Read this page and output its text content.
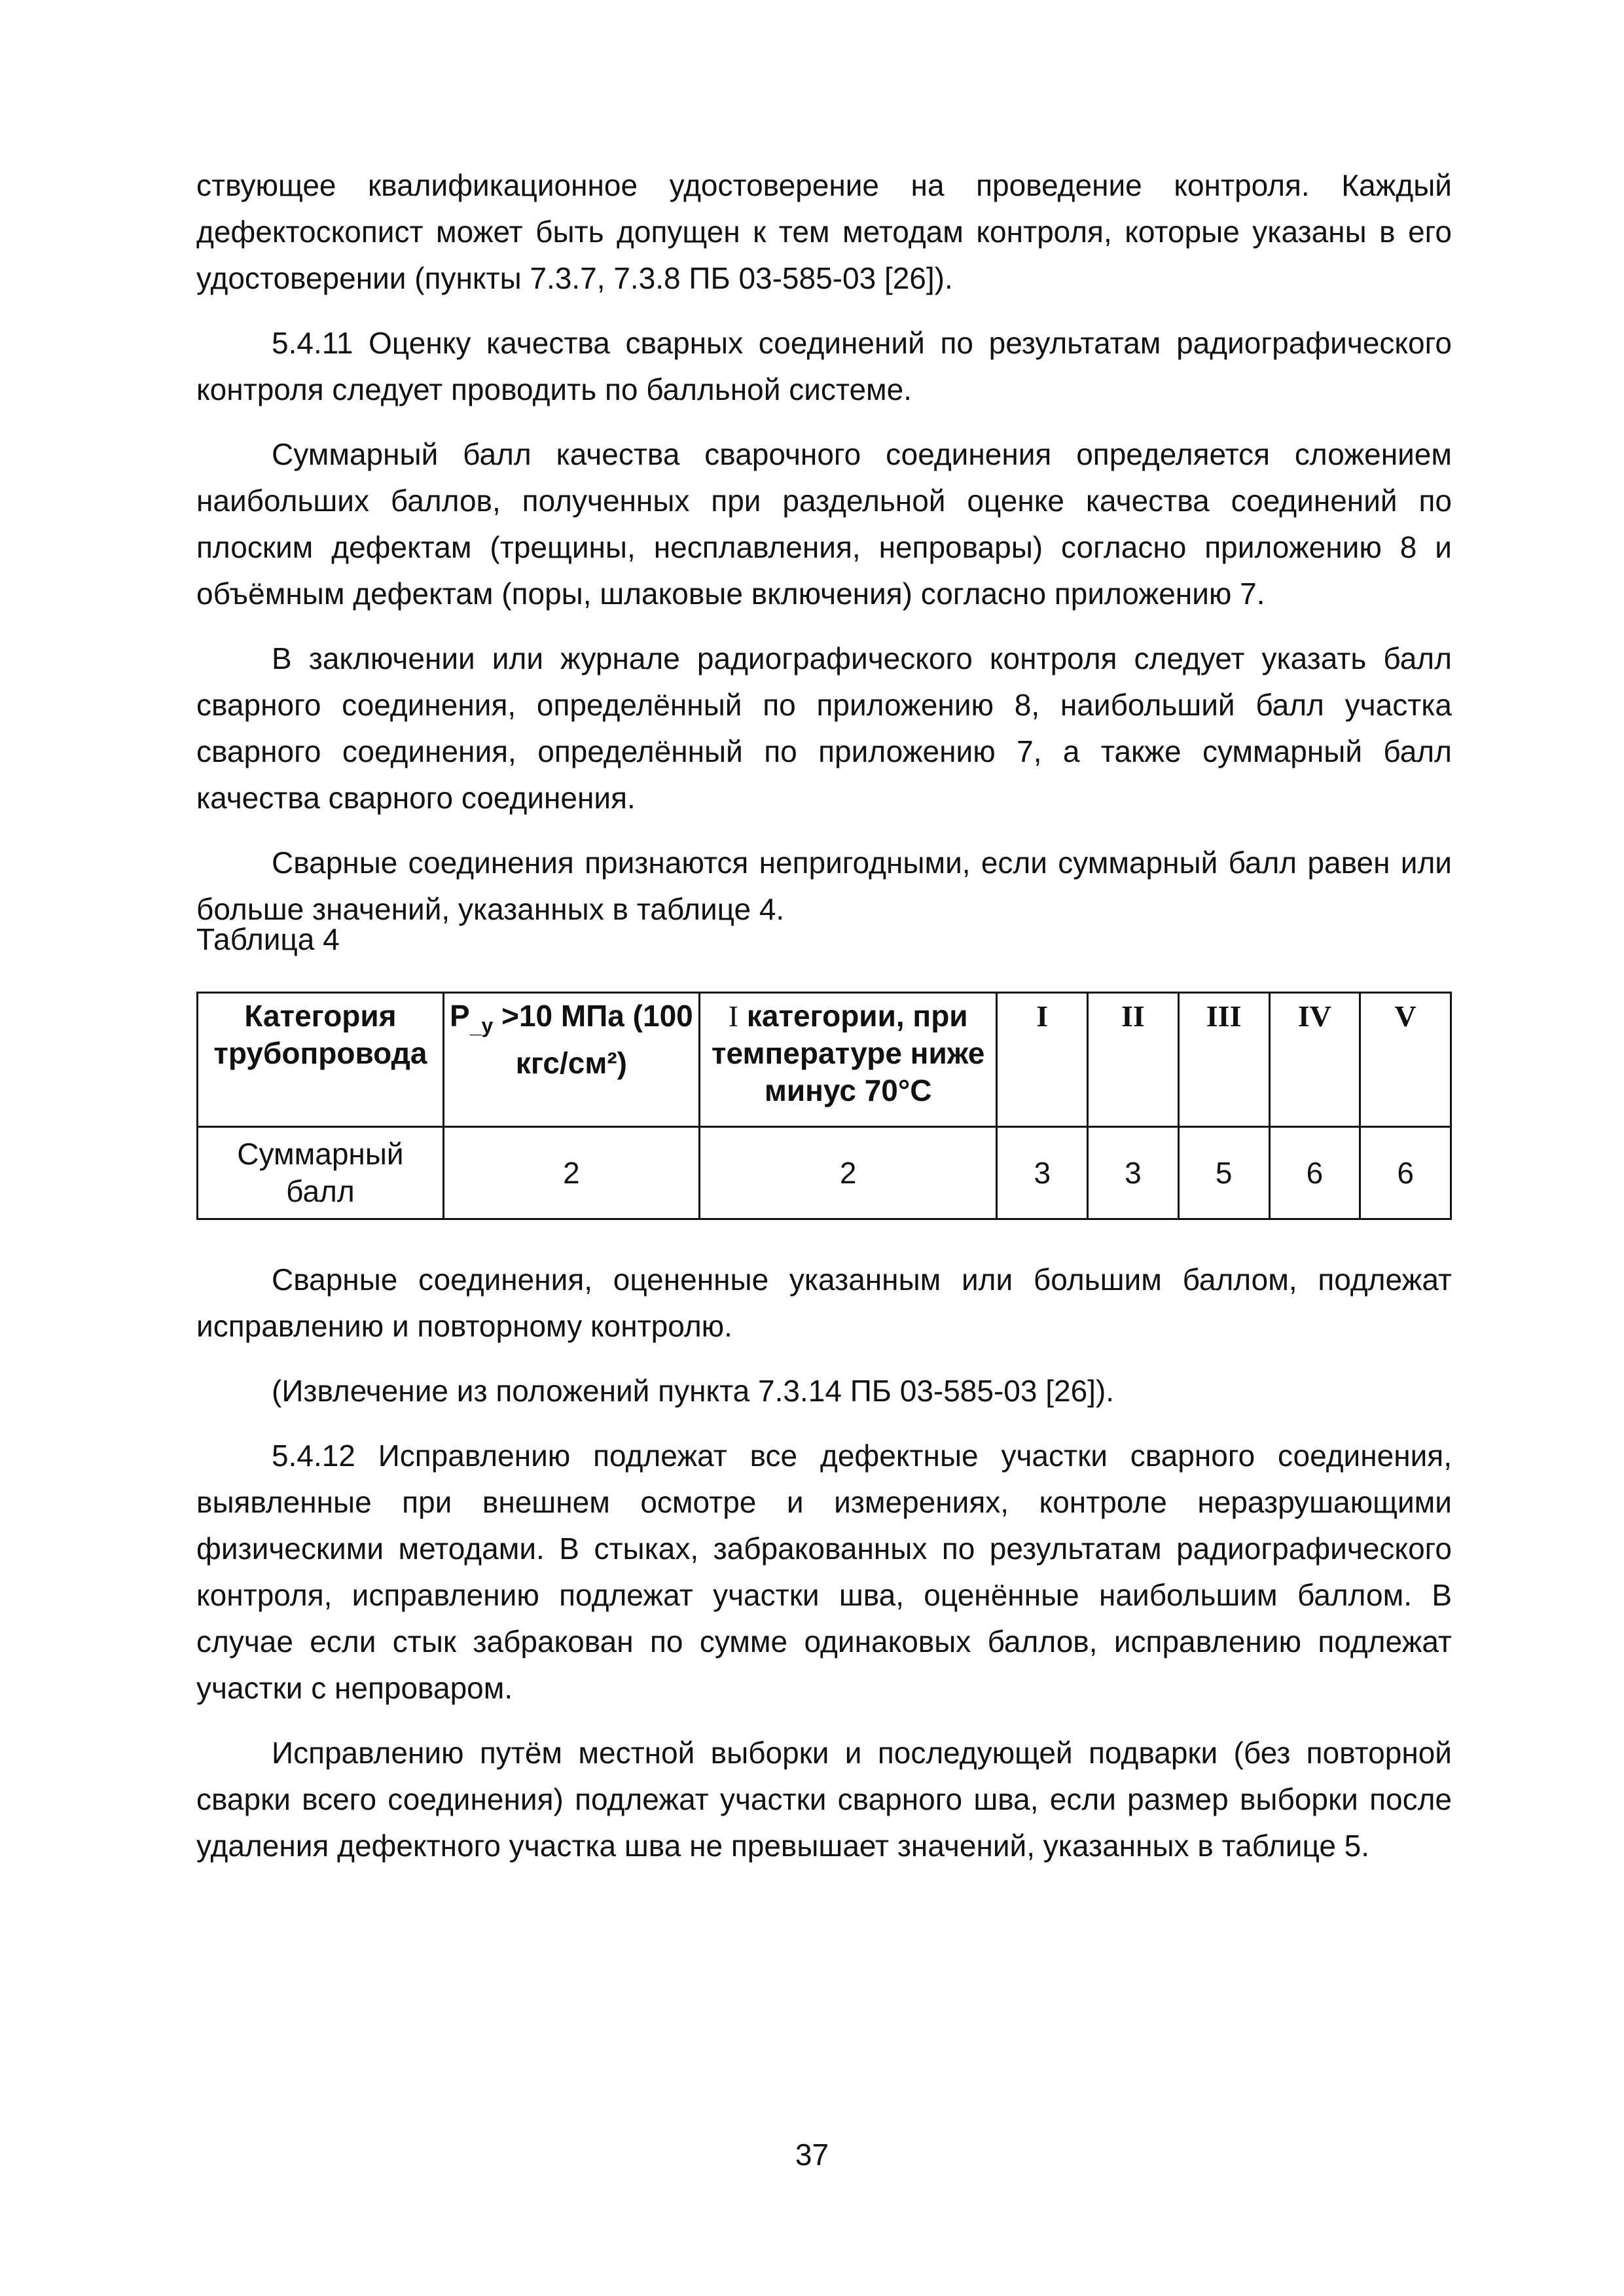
ствующее квалификационное удостоверение на проведение контроля. Каждый дефектоскопист может быть допущен к тем методам контроля, которые указаны в его удостоверении (пункты 7.3.7, 7.3.8 ПБ 03-585-03 [26]).

5.4.11 Оценку качества сварных соединений по результатам радиографического контроля следует проводить по балльной системе.

Суммарный балл качества сварочного соединения определяется сложением наибольших баллов, полученных при раздельной оценке качества соединений по плоским дефектам (трещины, несплавления, непровары) согласно приложению 8 и объёмным дефектам (поры, шлаковые включения) согласно приложению 7.

В заключении или журнале радиографического контроля следует указать балл сварного соединения, определённый по приложению 8, наибольший балл участка сварного соединения, определённый по приложению 7, а также суммарный балл качества сварного соединения.

Сварные соединения признаются непригодными, если суммарный балл равен или больше значений, указанных в таблице 4.

Таблица 4
Категория трубопровода	$P_{\_у} >10$ МПа (100 кгс/см²)	I категории, при температуре ниже минус 70°C	I	II	III	IV	V
Суммарный балл	2	2	3	3	5	6	6

Сварные соединения, оцененные указанным или большим баллом, подлежат исправлению и повторному контролю.

(Извлечение из положений пункта 7.3.14 ПБ 03-585-03 [26]).

5.4.12 Исправлению подлежат все дефектные участки сварного соединения, выявленные при внешнем осмотре и измерениях, контроле неразрушающими физическими методами. В стыках, забракованных по результатам радиографического контроля, исправлению подлежат участки шва, оценённые наибольшим баллом. В случае если стык забракован по сумме одинаковых баллов, исправлению подлежат участки с непроваром.

Исправлению путём местной выборки и последующей подварки (без повторной сварки всего соединения) подлежат участки сварного шва, если размер выборки после удаления дефектного участка шва не превышает значений, указанных в таблице 5.

37
